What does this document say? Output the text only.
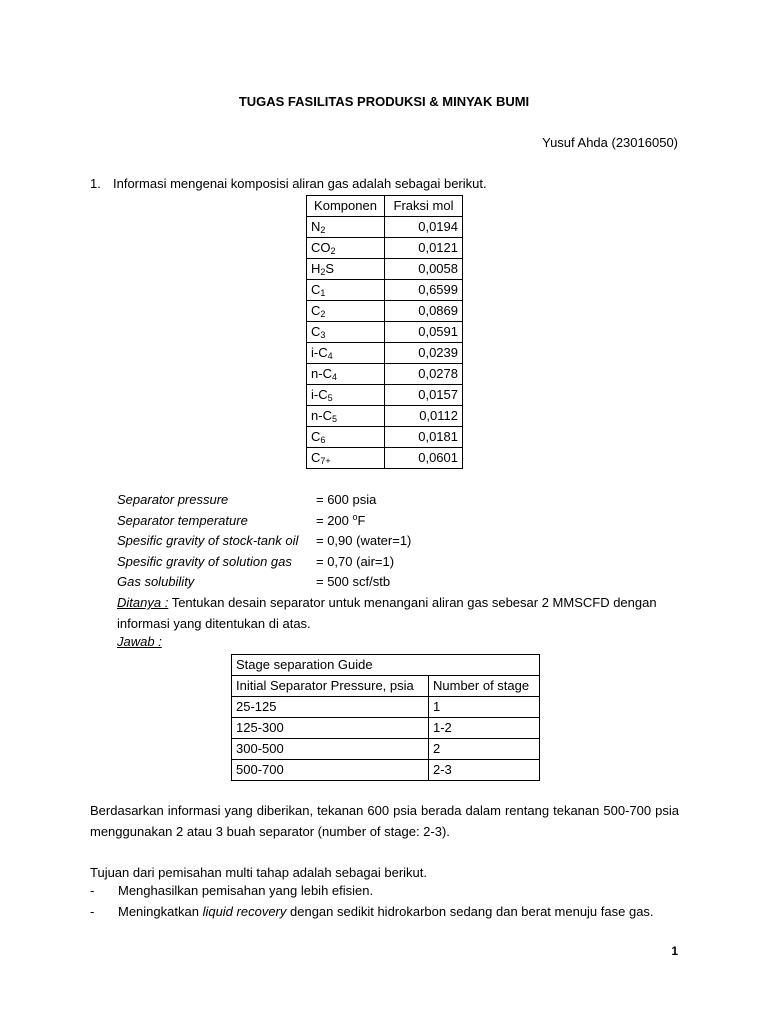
TUGAS FASILITAS PRODUKSI & MINYAK BUMI
Yusuf Ahda (23016050)
1. Informasi mengenai komposisi aliran gas adalah sebagai berikut.
Komponen	Fraksi mol
$N_2$	0,0194
$CO_2$	0,0121
$H_2S$	0,0058
$C_1$	0,6599
$C_2$	0,0869
$C_3$	0,0591
$i-C_4$	0,0239
$n-C_4$	0,0278
$i-C_5$	0,0157
$n-C_5$	0,0112
$C_6$	0,0181
$C_{7+}$	0,0601
Separator pressure	= 600 psia
Separator temperature	= 200 $^o$F
Spesific gravity of stock-tank oil = 0,90 (water=1)
Spesific gravity of solution gas = 0,70 (air=1)
Gas solubility	= 500 scf/stb
Ditanya : Tentukan desain separator untuk menangani aliran gas sebesar 2 MMSCFD dengan informasi yang ditentukan di atas.
Jawab :
Stage separation Guide	
Initial Separator Pressure, psia	Number of stage
25-125	1
125-300	1-2
300-500	2
500-700	2-3
Berdasarkan informasi yang diberikan, tekanan 600 psia berada dalam rentang tekanan 500-700 psia menggunakan 2 atau 3 buah separator (number of stage: 2-3).
Tujuan dari pemisahan multi tahap adalah sebagai berikut.
- Menghasilkan pemisahan yang lebih efisien.
- Meningkatkan liquid recovery dengan sedikit hidrokarbon sedang dan berat menuju fase gas.
1
